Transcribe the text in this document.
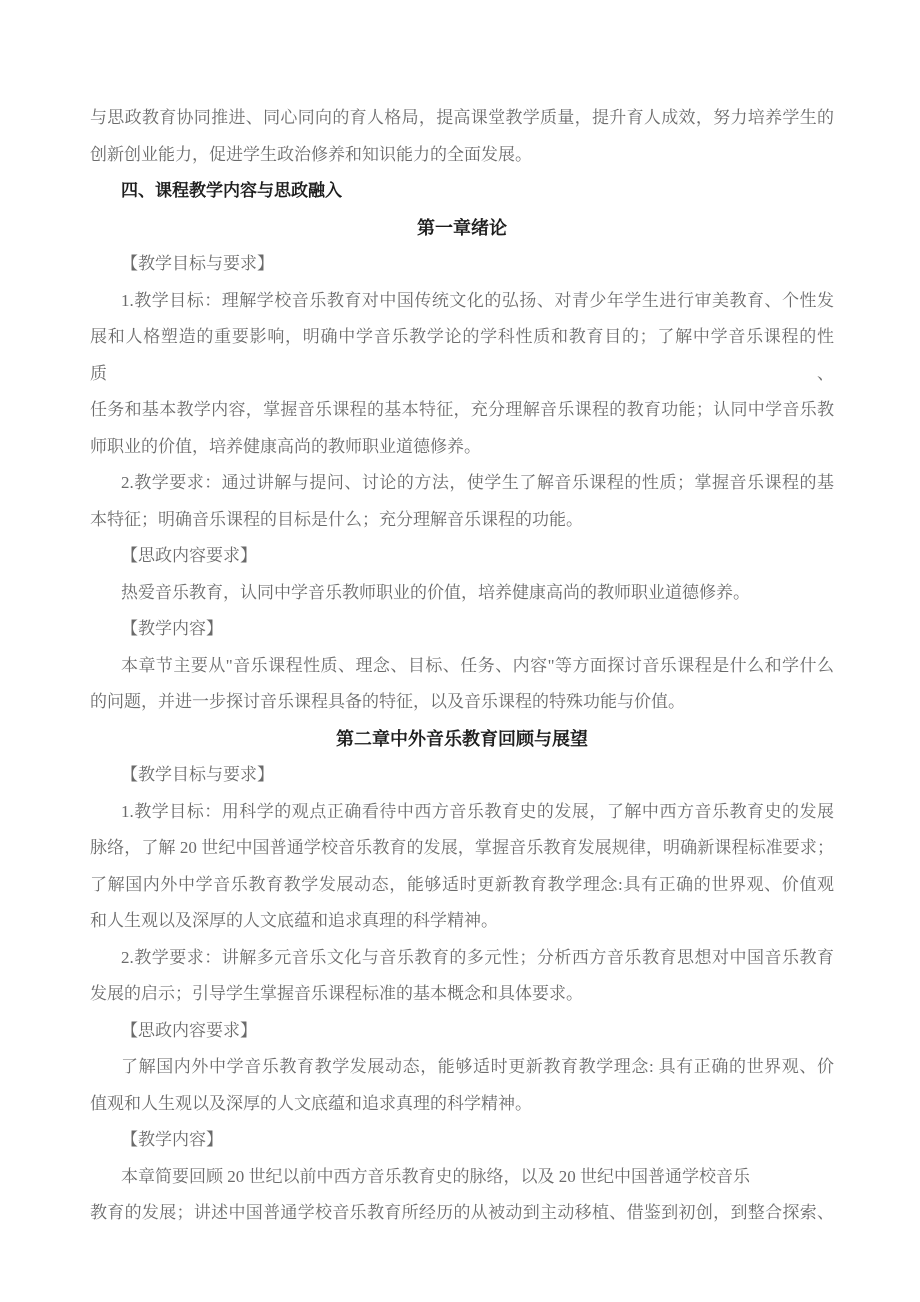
与思政教育协同推进、同心同向的育人格局，提高课堂教学质量，提升育人成效，努力培养学生的
创新创业能力，促进学生政治修养和知识能力的全面发展。
四、课程教学内容与思政融入
第一章绪论
【教学目标与要求】
1.教学目标：理解学校音乐教育对中国传统文化的弘扬、对青少年学生进行审美教育、个性发
展和人格塑造的重要影响，明确中学音乐教学论的学科性质和教育目的；了解中学音乐课程的性质、
任务和基本教学内容，掌握音乐课程的基本特征，充分理解音乐课程的教育功能；认同中学音乐教
师职业的价值，培养健康高尚的教师职业道德修养。
2.教学要求：通过讲解与提问、讨论的方法，使学生了解音乐课程的性质；掌握音乐课程的基
本特征；明确音乐课程的目标是什么；充分理解音乐课程的功能。
【思政内容要求】
热爱音乐教育，认同中学音乐教师职业的价值，培养健康高尚的教师职业道德修养。
【教学内容】
本章节主要从"音乐课程性质、理念、目标、任务、内容"等方面探讨音乐课程是什么和学什么
的问题，并进一步探讨音乐课程具备的特征，以及音乐课程的特殊功能与价值。
第二章中外音乐教育回顾与展望
【教学目标与要求】
1.教学目标：用科学的观点正确看待中西方音乐教育史的发展，了解中西方音乐教育史的发展
脉络，了解 20 世纪中国普通学校音乐教育的发展，掌握音乐教育发展规律，明确新课程标准要求；
了解国内外中学音乐教育教学发展动态，能够适时更新教育教学理念:具有正确的世界观、价值观
和人生观以及深厚的人文底蕴和追求真理的科学精神。
2.教学要求：讲解多元音乐文化与音乐教育的多元性；分析西方音乐教育思想对中国音乐教育
发展的启示；引导学生掌握音乐课程标准的基本概念和具体要求。
【思政内容要求】
了解国内外中学音乐教育教学发展动态，能够适时更新教育教学理念: 具有正确的世界观、价
值观和人生观以及深厚的人文底蕴和追求真理的科学精神。
【教学内容】
本章简要回顾 20 世纪以前中西方音乐教育史的脉络，以及 20 世纪中国普通学校音乐
教育的发展；讲述中国普通学校音乐教育所经历的从被动到主动移植、借鉴到初创，到整合探索、
